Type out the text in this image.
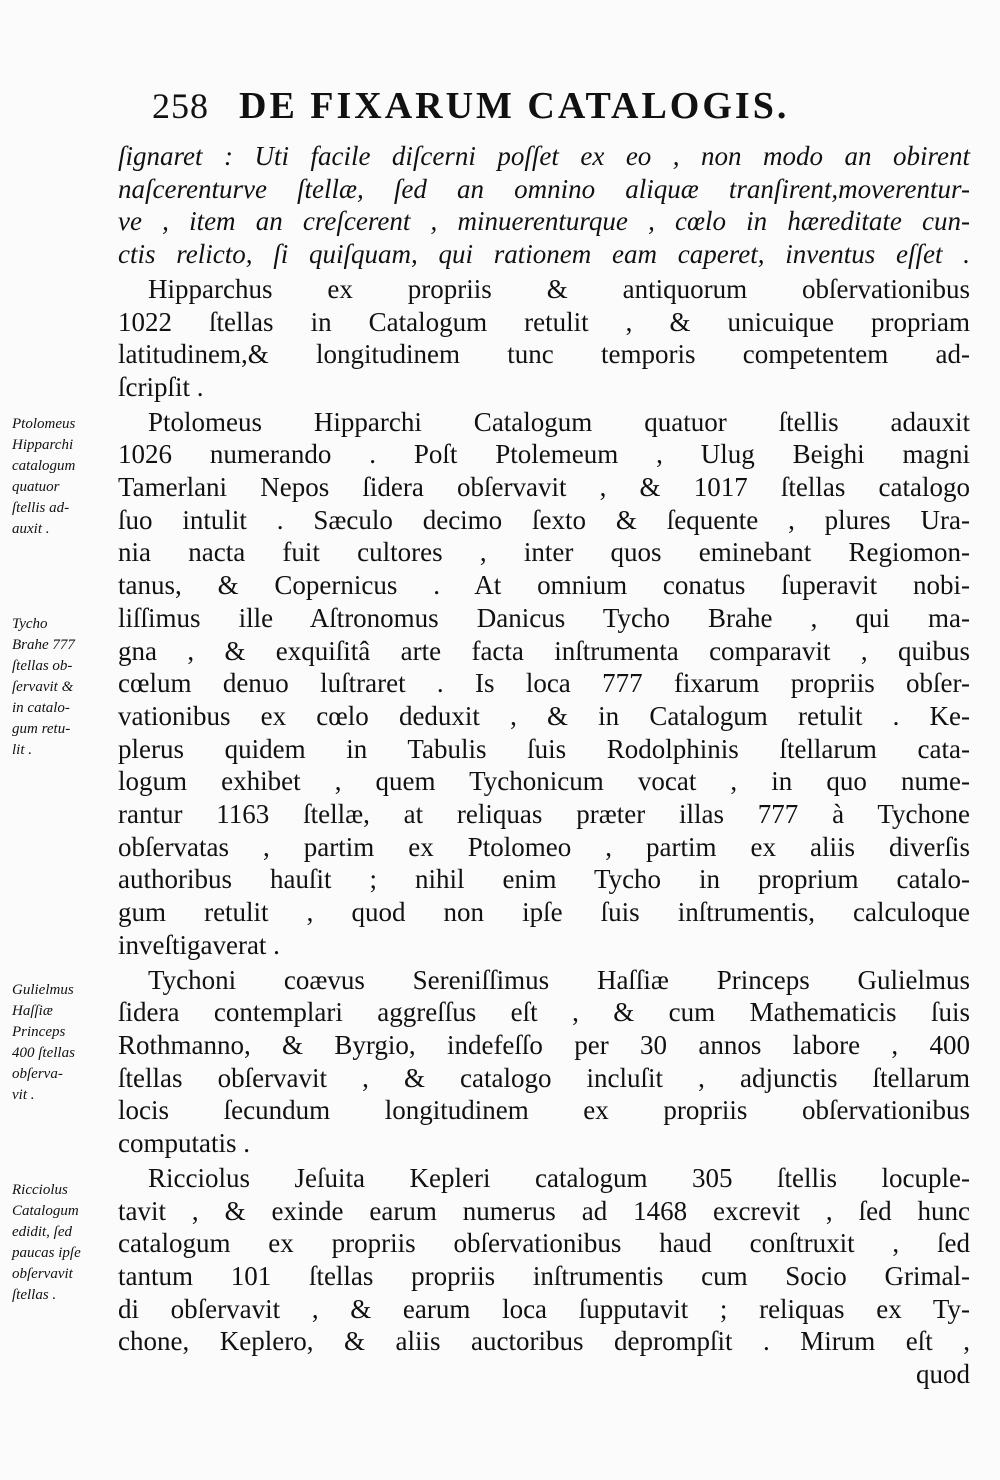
258 DE FIXARUM CATALOGIS.
ſignaret : Uti facile diſcerni poſſet ex eo , non modo an obirent
naſcerenturve ſtellæ, ſed an omnino aliquæ tranſirent,moverentur-
ve , item an creſcerent , minuerenturque , cœlo in hæreditate cun-
ctis relicto, ſi quiſquam, qui rationem eam caperet, inventus eſſet .
Hipparchus ex propriis & antiquorum obſervationibus
1022 ſtellas in Catalogum retulit , & unicuique propriam
latitudinem,& longitudinem tunc temporis competentem ad-
ſcripſit .
Ptolomeus Hipparchi Catalogum quatuor ſtellis adauxit
1026 numerando . Poſt Ptolemeum , Ulug Beighi magni
Tamerlani Nepos ſidera obſervavit , & 1017 ſtellas catalogo
ſuo intulit . Sæculo decimo ſexto & ſequente , plures Ura-
nia nacta fuit cultores , inter quos eminebant Regiomon-
tanus, & Copernicus . At omnium conatus ſuperavit nobi-
liſſimus ille Aſtronomus Danicus Tycho Brahe , qui ma-
gna , & exquiſitâ arte facta inſtrumenta comparavit , quibus
cœlum denuo luſtraret . Is loca 777 fixarum propriis obſer-
vationibus ex cœlo deduxit , & in Catalogum retulit . Ke-
plerus quidem in Tabulis ſuis Rodolphinis ſtellarum cata-
logum exhibet , quem Tychonicum vocat , in quo nume-
rantur 1163 ſtellæ, at reliquas præter illas 777 à Tychone
obſervatas , partim ex Ptolomeo , partim ex aliis diverſis
authoribus hauſit ; nihil enim Tycho in proprium catalo-
gum retulit , quod non ipſe ſuis inſtrumentis, calculoque
inveſtigaverat .
Tychoni coævus Sereniſſimus Haſſiæ Princeps Gulielmus
ſidera contemplari aggreſſus eſt , & cum Mathematicis ſuis
Rothmanno, & Byrgio, indefeſſo per 30 annos labore , 400
ſtellas obſervavit , & catalogo incluſit , adjunctis ſtellarum
locis ſecundum longitudinem ex propriis obſervationibus
computatis .
Ricciolus Jeſuita Kepleri catalogum 305 ſtellis locuple-
tavit , & exinde earum numerus ad 1468 excrevit , ſed hunc
catalogum ex propriis obſervationibus haud conſtruxit , ſed
tantum 101 ſtellas propriis inſtrumentis cum Socio Grimal-
di obſervavit , & earum loca ſupputavit ; reliquas ex Ty-
chone, Keplero, & aliis auctoribus deprompſit . Mirum eſt ,
quod
Ptolomeus
Hipparchi
catalogum
quatuor
ſtellis ad-
auxit .
Tycho
Brahe 777
ſtellas ob-
ſervavit &
in catalo-
gum retu-
lit .
Gulielmus
Haſſiæ
Princeps
400 ſtellas
obſerva-
vit .
Ricciolus
Catalogum
edidit, ſed
paucas ipſe
obſervavit
ſtellas .
